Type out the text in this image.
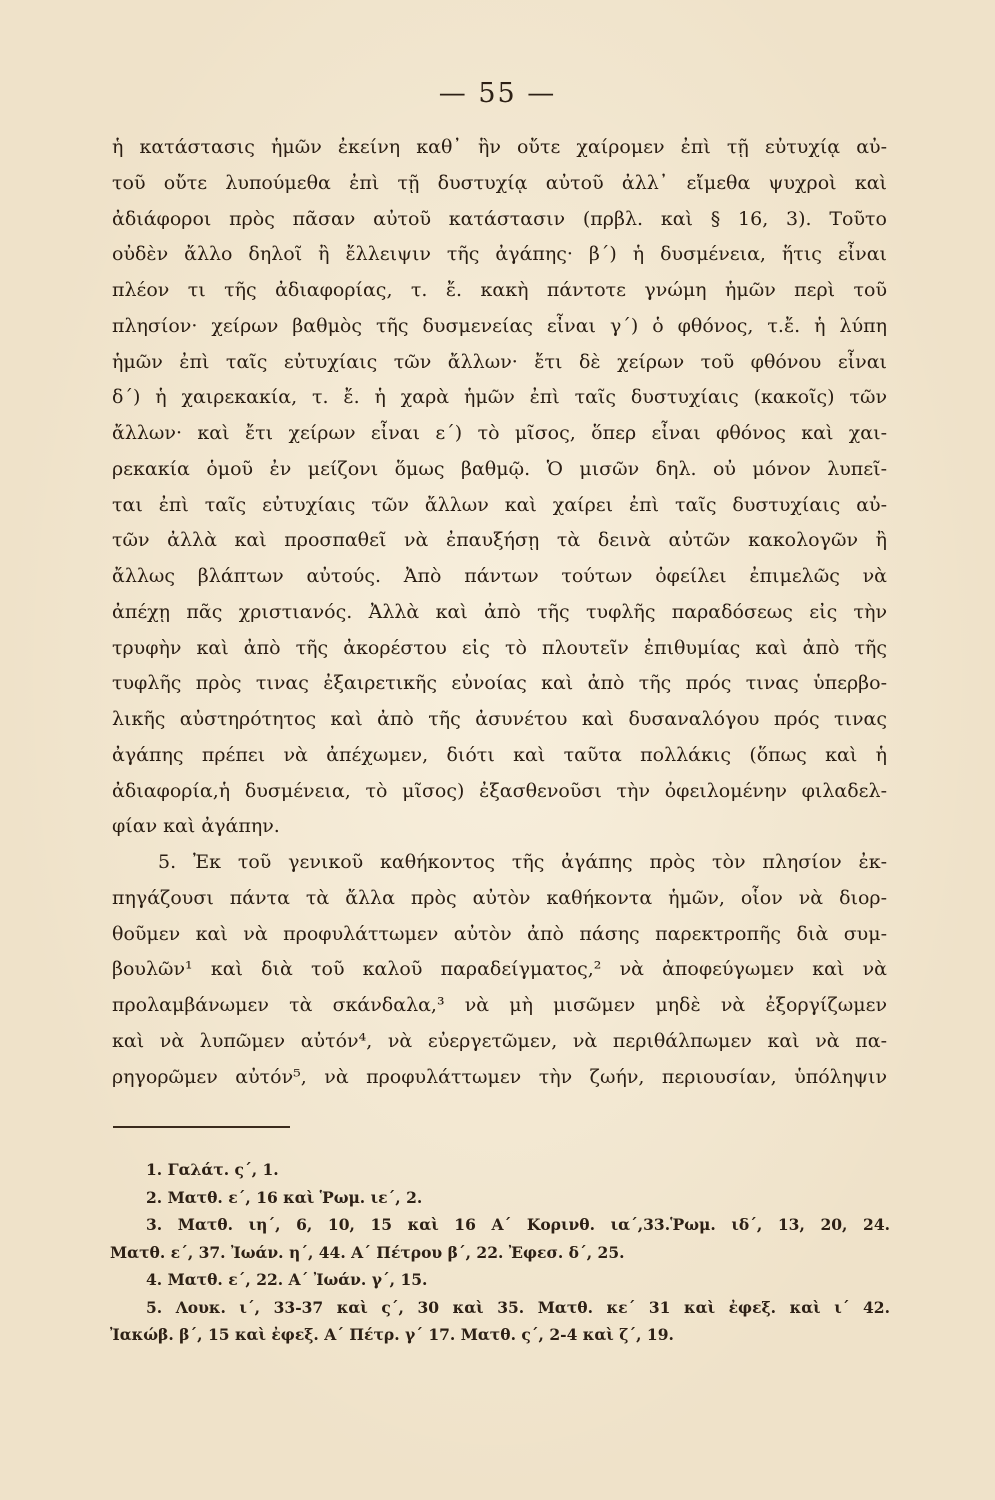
— 55 —
ἡ κατάστασις ἡμῶν ἐκείνη καθ᾽ ἣν οὔτε χαίρομεν ἐπὶ τῇ εὐτυχίᾳ αὐ-
τοῦ οὔτε λυπούμεθα ἐπὶ τῇ δυστυχίᾳ αὐτοῦ ἀλλ᾽ εἴμεθα ψυχροὶ καὶ
ἀδιάφοροι πρὸς πᾶσαν αὐτοῦ κατάστασιν (πρβλ. καὶ § 16, 3). Τοῦτο
οὐδὲν ἄλλο δηλοῖ ἢ ἔλλειψιν τῆς ἀγάπης· β΄) ἡ δυσμένεια, ἥτις εἶναι
πλέον τι τῆς ἀδιαφορίας, τ. ἔ. κακὴ πάντοτε γνώμη ἡμῶν περὶ τοῦ
πλησίον· χείρων βαθμὸς τῆς δυσμενείας εἶναι γ΄) ὁ φθόνος, τ.ἔ. ἡ λύπη
ἡμῶν ἐπὶ ταῖς εὐτυχίαις τῶν ἄλλων· ἔτι δὲ χείρων τοῦ φθόνου εἶναι
δ΄) ἡ χαιρεκακία, τ. ἔ. ἡ χαρὰ ἡμῶν ἐπὶ ταῖς δυστυχίαις (κακοῖς) τῶν
ἄλλων· καὶ ἔτι χείρων εἶναι ε΄) τὸ μῖσος, ὅπερ εἶναι φθόνος καὶ χαι-
ρεκακία ὁμοῦ ἐν μείζονι ὅμως βαθμῷ. Ὁ μισῶν δηλ. οὐ μόνον λυπεῖ-
ται ἐπὶ ταῖς εὐτυχίαις τῶν ἄλλων καὶ χαίρει ἐπὶ ταῖς δυστυχίαις αὐ-
τῶν ἀλλὰ καὶ προσπαθεῖ νὰ ἐπαυξήσῃ τὰ δεινὰ αὐτῶν κακολογῶν ἢ
ἄλλως βλάπτων αὐτούς. Ἀπὸ πάντων τούτων ὀφείλει ἐπιμελῶς νὰ
ἀπέχῃ πᾶς χριστιανός. Ἀλλὰ καὶ ἀπὸ τῆς τυφλῆς παραδόσεως εἰς τὴν
τρυφὴν καὶ ἀπὸ τῆς ἀκορέστου εἰς τὸ πλουτεῖν ἐπιθυμίας καὶ ἀπὸ τῆς
τυφλῆς πρὸς τινας ἐξαιρετικῆς εὐνοίας καὶ ἀπὸ τῆς πρός τινας ὑπερβο-
λικῆς αὐστηρότητος καὶ ἀπὸ τῆς ἀσυνέτου καὶ δυσαναλόγου πρός τινας
ἀγάπης πρέπει νὰ ἀπέχωμεν, διότι καὶ ταῦτα πολλάκις (ὅπως καὶ ἡ
ἀδιαφορία,ἡ δυσμένεια, τὸ μῖσος) ἐξασθενοῦσι τὴν ὀφειλομένην φιλαδελ-
φίαν καὶ ἀγάπην.
5. Ἐκ τοῦ γενικοῦ καθήκοντος τῆς ἀγάπης πρὸς τὸν πλησίον ἐκ-
πηγάζουσι πάντα τὰ ἄλλα πρὸς αὐτὸν καθήκοντα ἡμῶν, οἷον νὰ διορ-
θοῦμεν καὶ νὰ προφυλάττωμεν αὐτὸν ἀπὸ πάσης παρεκτροπῆς διὰ συμ-
βουλῶν¹ καὶ διὰ τοῦ καλοῦ παραδείγματος,² νὰ ἀποφεύγωμεν καὶ νὰ
προλαμβάνωμεν τὰ σκάνδαλα,³ νὰ μὴ μισῶμεν μηδὲ νὰ ἐξοργίζωμεν
καὶ νὰ λυπῶμεν αὐτόν⁴, νὰ εὐεργετῶμεν, νὰ περιθάλπωμεν καὶ νὰ πα-
ρηγορῶμεν αὐτόν⁵, νὰ προφυλάττωμεν τὴν ζωήν, περιουσίαν, ὑπόληψιν
1. Γαλάτ. ς΄, 1.
2. Ματθ. ε΄, 16 καὶ Ῥωμ. ιε΄, 2.
3. Ματθ. ιη΄, 6, 10, 15 καὶ 16 Α΄ Κορινθ. ια΄,33.Ῥωμ. ιδ΄, 13, 20, 24.
Ματθ. ε΄, 37. Ἰωάν. η΄, 44. Α΄ Πέτρου β΄, 22. Ἐφεσ. δ΄, 25.
4. Ματθ. ε΄, 22. Α΄ Ἰωάν. γ΄, 15.
5. Λουκ. ι΄, 33-37 καὶ ς΄, 30 καὶ 35. Ματθ. κε΄ 31 καὶ ἐφεξ. καὶ ι΄ 42.
Ἰακώβ. β΄, 15 καὶ ἐφεξ. Α΄ Πέτρ. γ΄ 17. Ματθ. ς΄, 2-4 καὶ ζ΄, 19.
